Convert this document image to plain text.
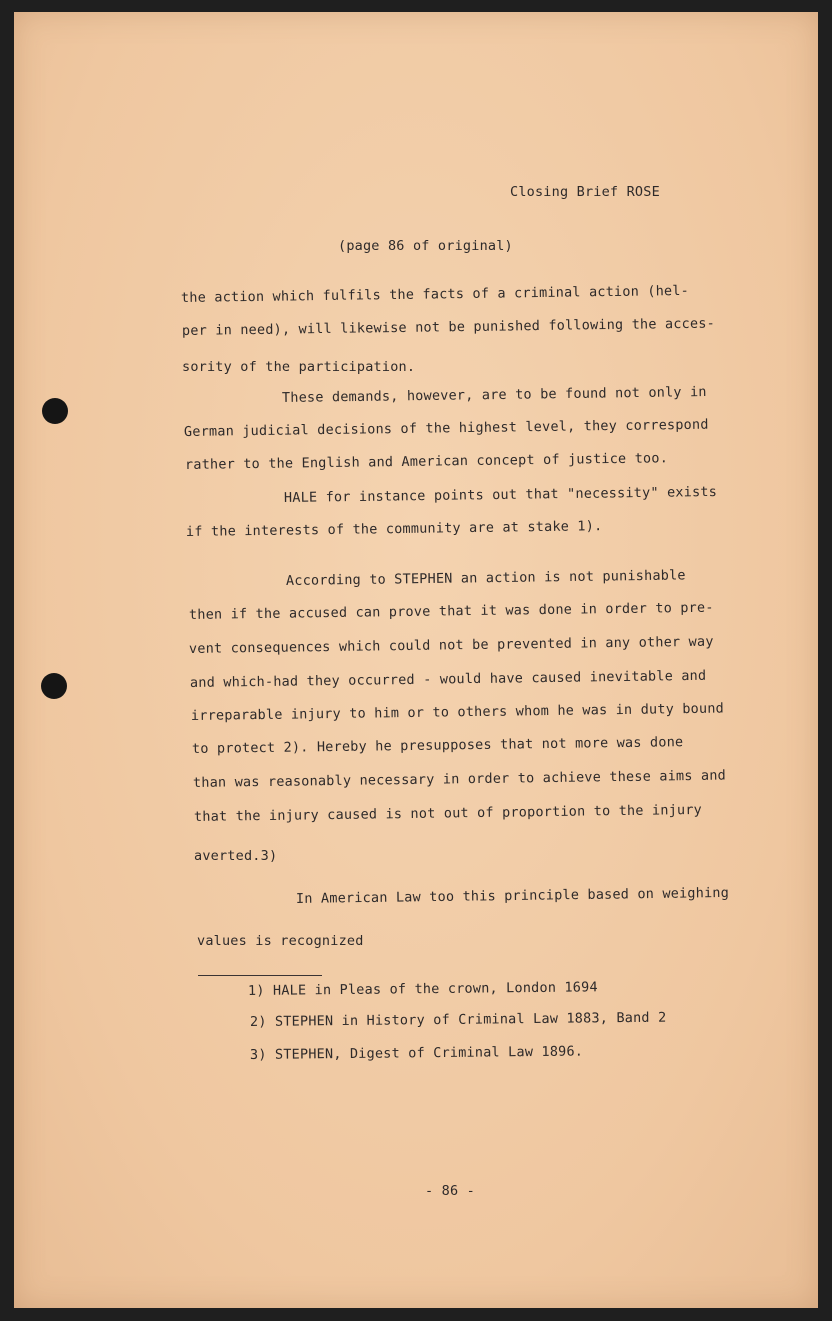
Closing Brief ROSE
(page 86 of original)
the action which fulfils the facts of a criminal action (hel-
per in need), will likewise not be punished following the acces-
sority of the participation.
These demands, however, are to be found not only in
German judicial decisions of the highest level, they correspond
rather to the English and American concept of justice too.
HALE for instance points out that "necessity" exists
if the interests of the community are at stake 1).
According to STEPHEN an action is not punishable
then if the accused can prove that it was done in order to pre-
vent consequences which could not be prevented in any other way
and which-had they occurred - would have caused inevitable and
irreparable injury to him or to others whom he was in duty bound
to protect 2). Hereby he presupposes that not more was done
than was reasonably necessary in order to achieve these aims and
that the injury caused is not out of proportion to the injury
averted.3)
In American Law too this principle based on weighing
values is recognized
1) HALE in Pleas of the crown, London 1694
2) STEPHEN in History of Criminal Law 1883, Band 2
3) STEPHEN, Digest of Criminal Law 1896.
- 86 -
